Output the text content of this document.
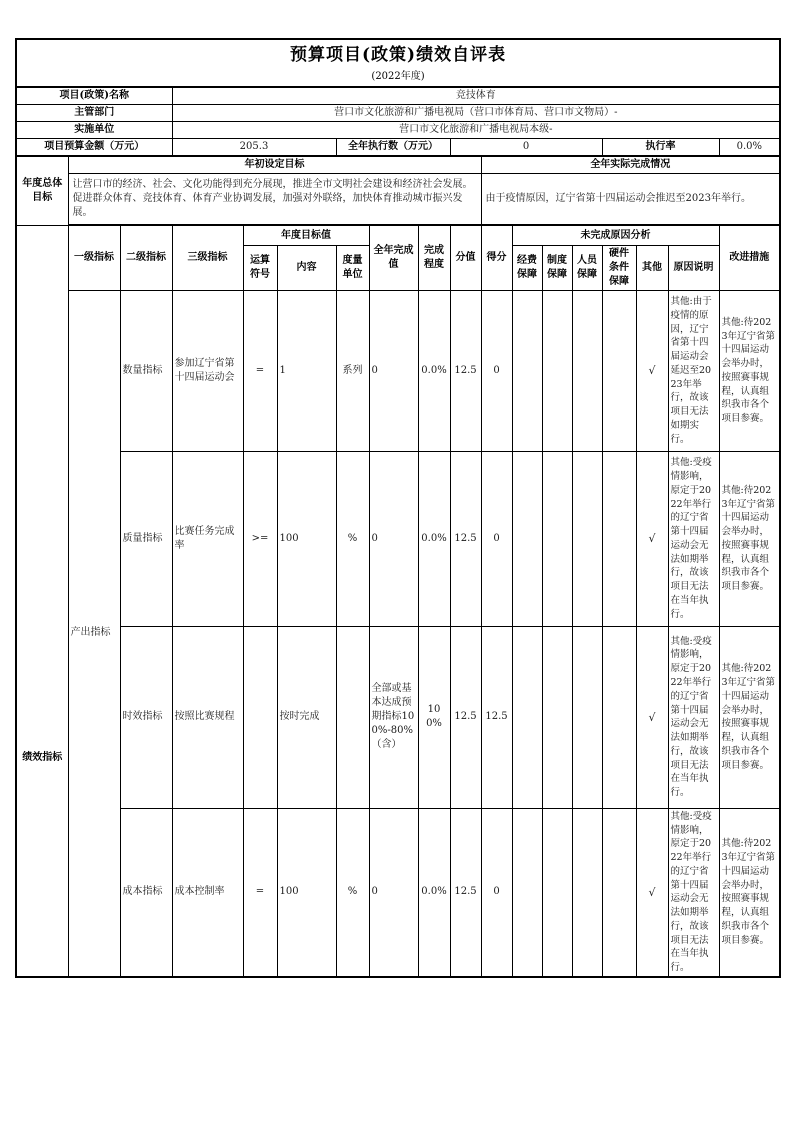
预算项目(政策)绩效自评表
(2022年度)																	

项目(政策)名称			竞技体育														
主管部门			营口市文化旅游和广播电视局（营口市体育局、营口市文物局）-														
实施单位			营口市文化旅游和广播电视局本级-														
项目预算金额（万元）			205.3			全年执行数（万元）			0					执行率			0.0%
年度总体目标	年初设定目标									全年实际完成情况							
	让营口市的经济、社会、文化功能得到充分展现，推进全市文明社会建设和经济社会发展。促进群众体育、竞技体育、体育产业协调发展，加强对外联络，加快体育推动城市振兴发展。									由于疫情原因，辽宁省第十四届运动会推迟至2023年举行。							
绩效指标	一级指标	二级指标	三级指标	年度目标值			全年完成值	完成程度	分值	得分	未完成原因分析						改进措施
				运算符号	内容	度量单位					经费保障	制度保障	人员保障	硬件条件保障	其他	原因说明	
	产出指标	数量指标	参加辽宁省第十四届运动会	=	1	系列	0	0.0%	12.5	0					√	其他:由于疫情的原因，辽宁省第十四届运动会延迟至2023年举行，故该项目无法如期实行。	其他:待2023年辽宁省第十四届运动会举办时，按照赛事规程，认真组织我市各个项目参赛。
		质量指标	比赛任务完成率	>=	100	%	0	0.0%	12.5	0					√	其他:受疫情影响，原定于2022年举行的辽宁省第十四届运动会无法如期举行，故该项目无法在当年执行。	其他:待2023年辽宁省第十四届运动会举办时，按照赛事规程，认真组织我市各个项目参赛。
		时效指标	按照比赛规程		按时完成		全部或基本达成预期指标100%-80%（含）	100%	12.5	12.5					√	其他:受疫情影响，原定于2022年举行的辽宁省第十四届运动会无法如期举行，故该项目无法在当年执行。	其他:待2023年辽宁省第十四届运动会举办时，按照赛事规程，认真组织我市各个项目参赛。
		成本指标	成本控制率	=	100	%	0	0.0%	12.5	0					√	其他:受疫情影响，原定于2022年举行的辽宁省第十四届运动会无法如期举行，故该项目无法在当年执行。	其他:待2023年辽宁省第十四届运动会举办时，按照赛事规程，认真组织我市各个项目参赛。
